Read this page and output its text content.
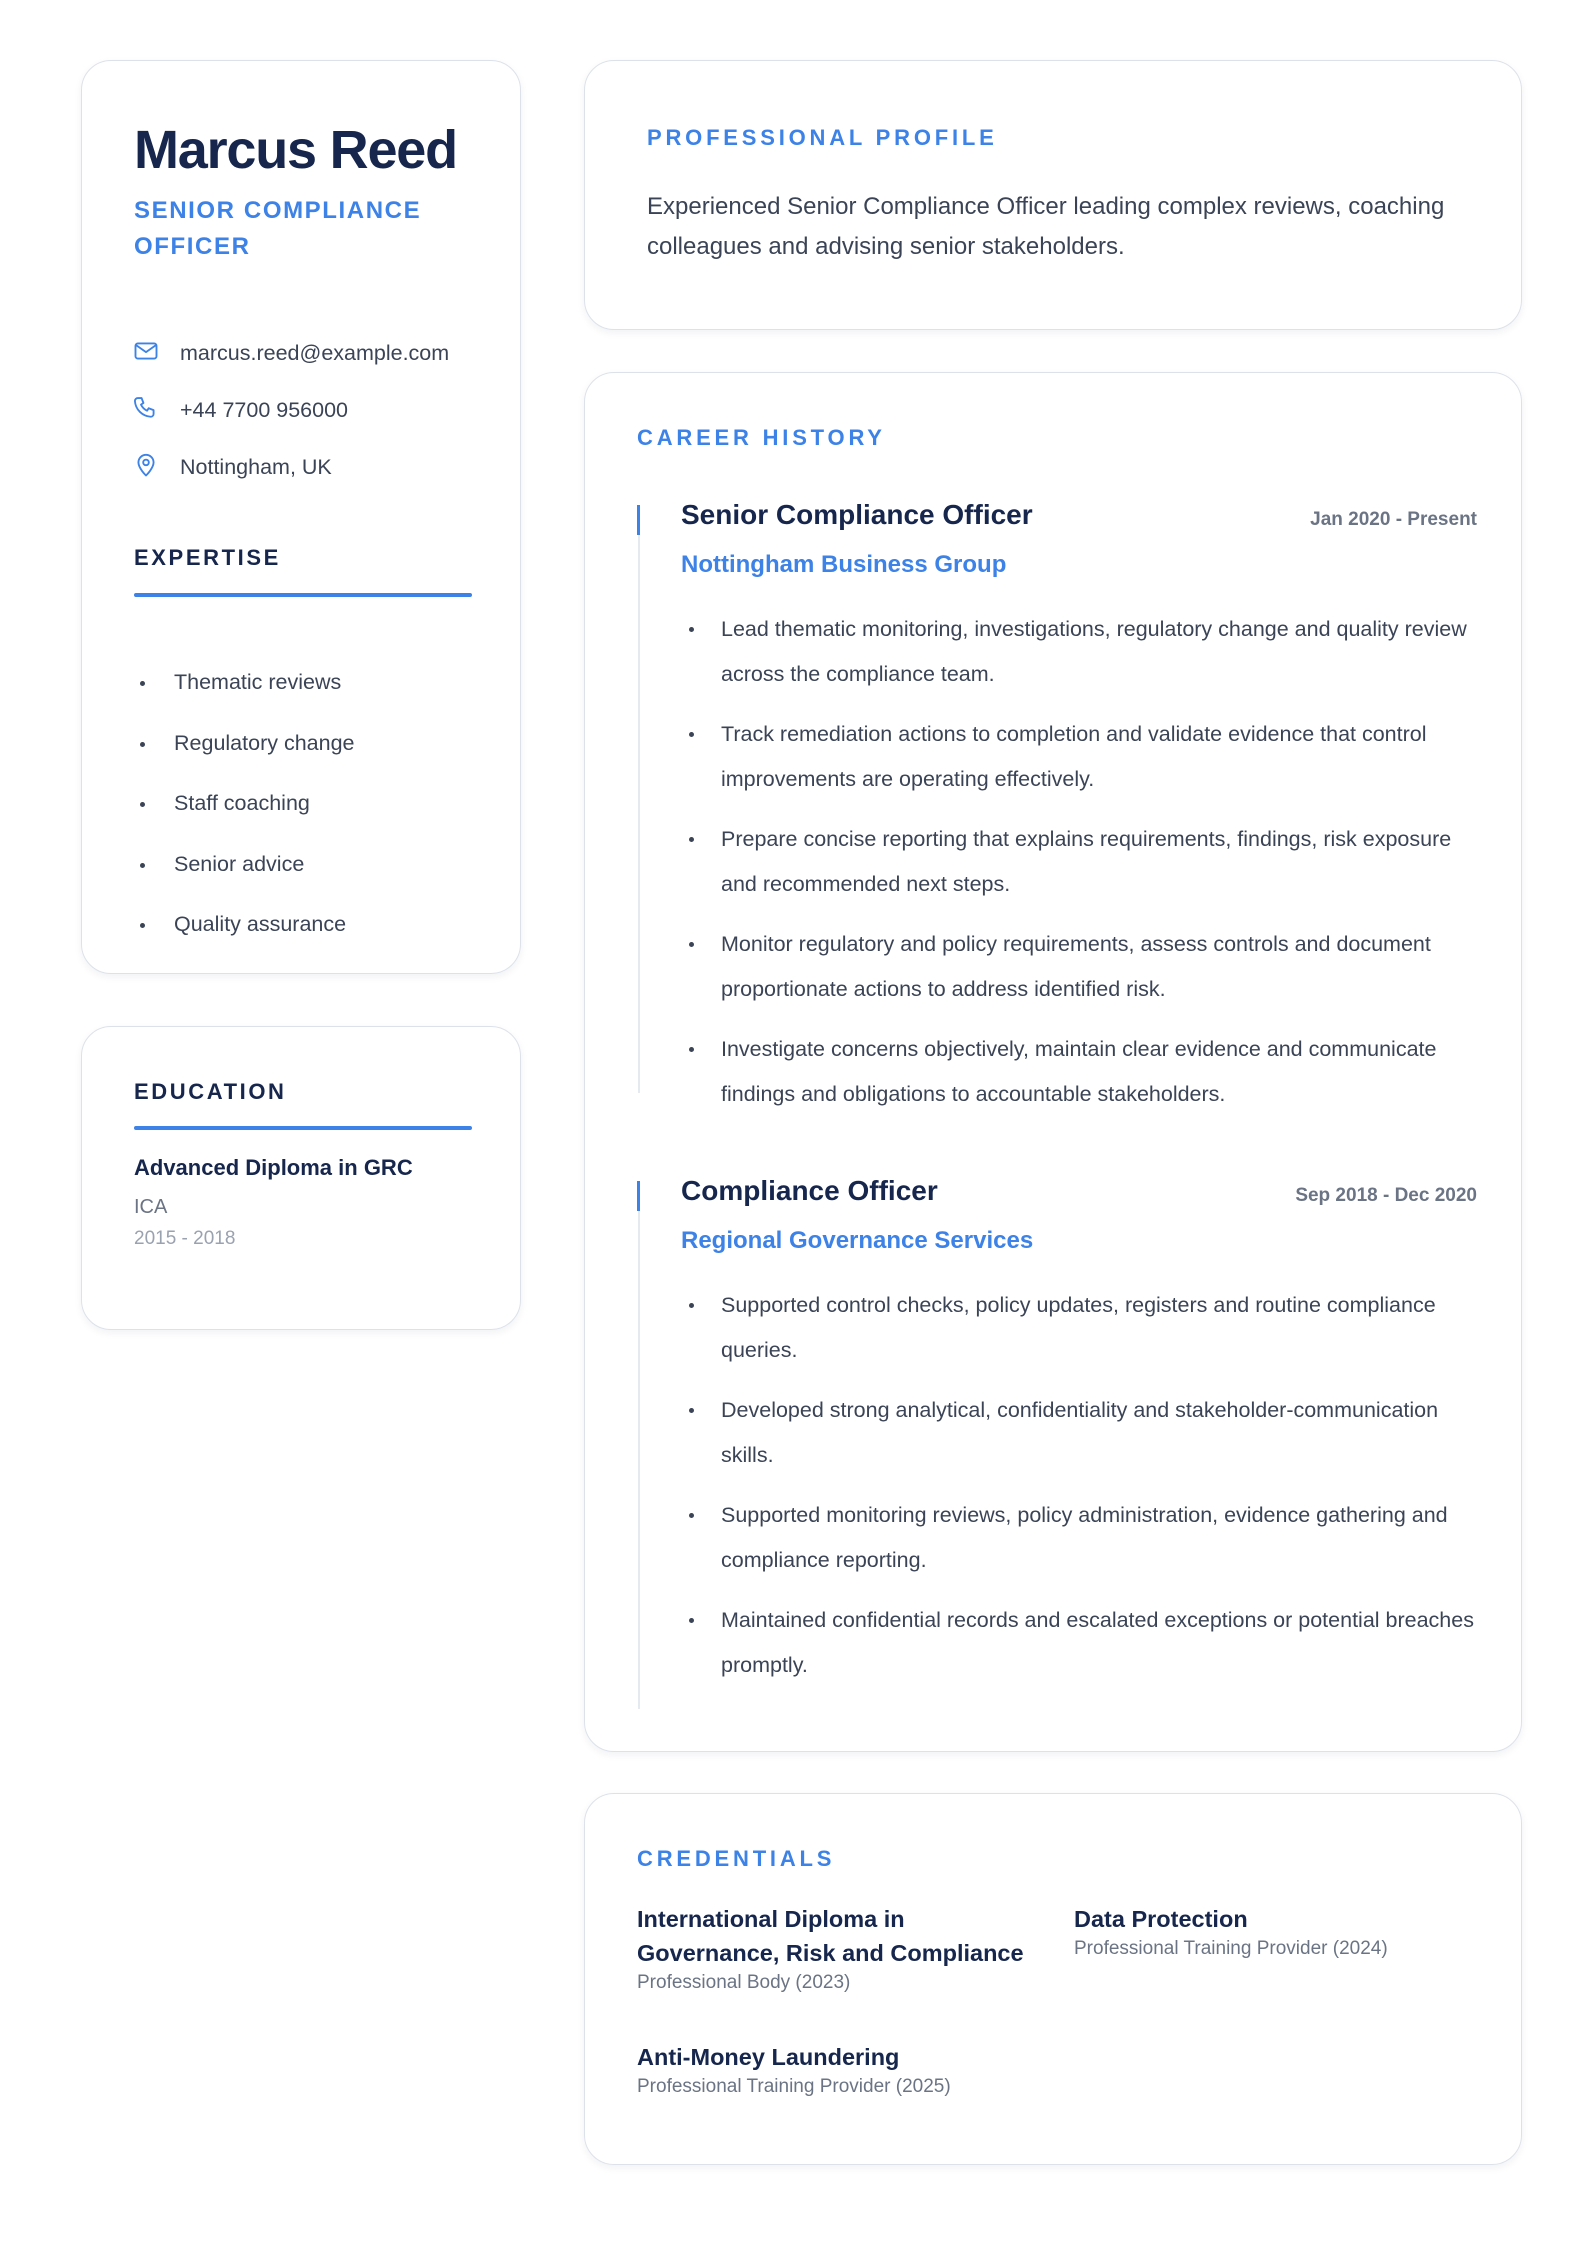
Marcus Reed
SENIOR COMPLIANCE OFFICER
marcus.reed@example.com
+44 7700 956000
Nottingham, UK
EXPERTISE
Thematic reviews
Regulatory change
Staff coaching
Senior advice
Quality assurance
EDUCATION
Advanced Diploma in GRC
ICA
2015 - 2018
PROFESSIONAL PROFILE

Experienced Senior Compliance Officer leading complex reviews, coaching colleagues and advising senior stakeholders.

CAREER HISTORY
Senior Compliance Officer	Jan 2020 - Present
Nottingham Business Group
Lead thematic monitoring, investigations, regulatory change and quality review across the compliance team.
Track remediation actions to completion and validate evidence that control improvements are operating effectively.
Prepare concise reporting that explains requirements, findings, risk exposure and recommended next steps.
Monitor regulatory and policy requirements, assess controls and document proportionate actions to address identified risk.
Investigate concerns objectively, maintain clear evidence and communicate findings and obligations to accountable stakeholders.
Compliance Officer	Sep 2018 - Dec 2020
Regional Governance Services
Supported control checks, policy updates, registers and routine compliance queries.
Developed strong analytical, confidentiality and stakeholder-communication skills.
Supported monitoring reviews, policy administration, evidence gathering and compliance reporting.
Maintained confidential records and escalated exceptions or potential breaches promptly.
CREDENTIALS
International Diploma in Governance, Risk and Compliance
Professional Body (2023)
Data Protection
Professional Training Provider (2024)
Anti-Money Laundering
Professional Training Provider (2025)
